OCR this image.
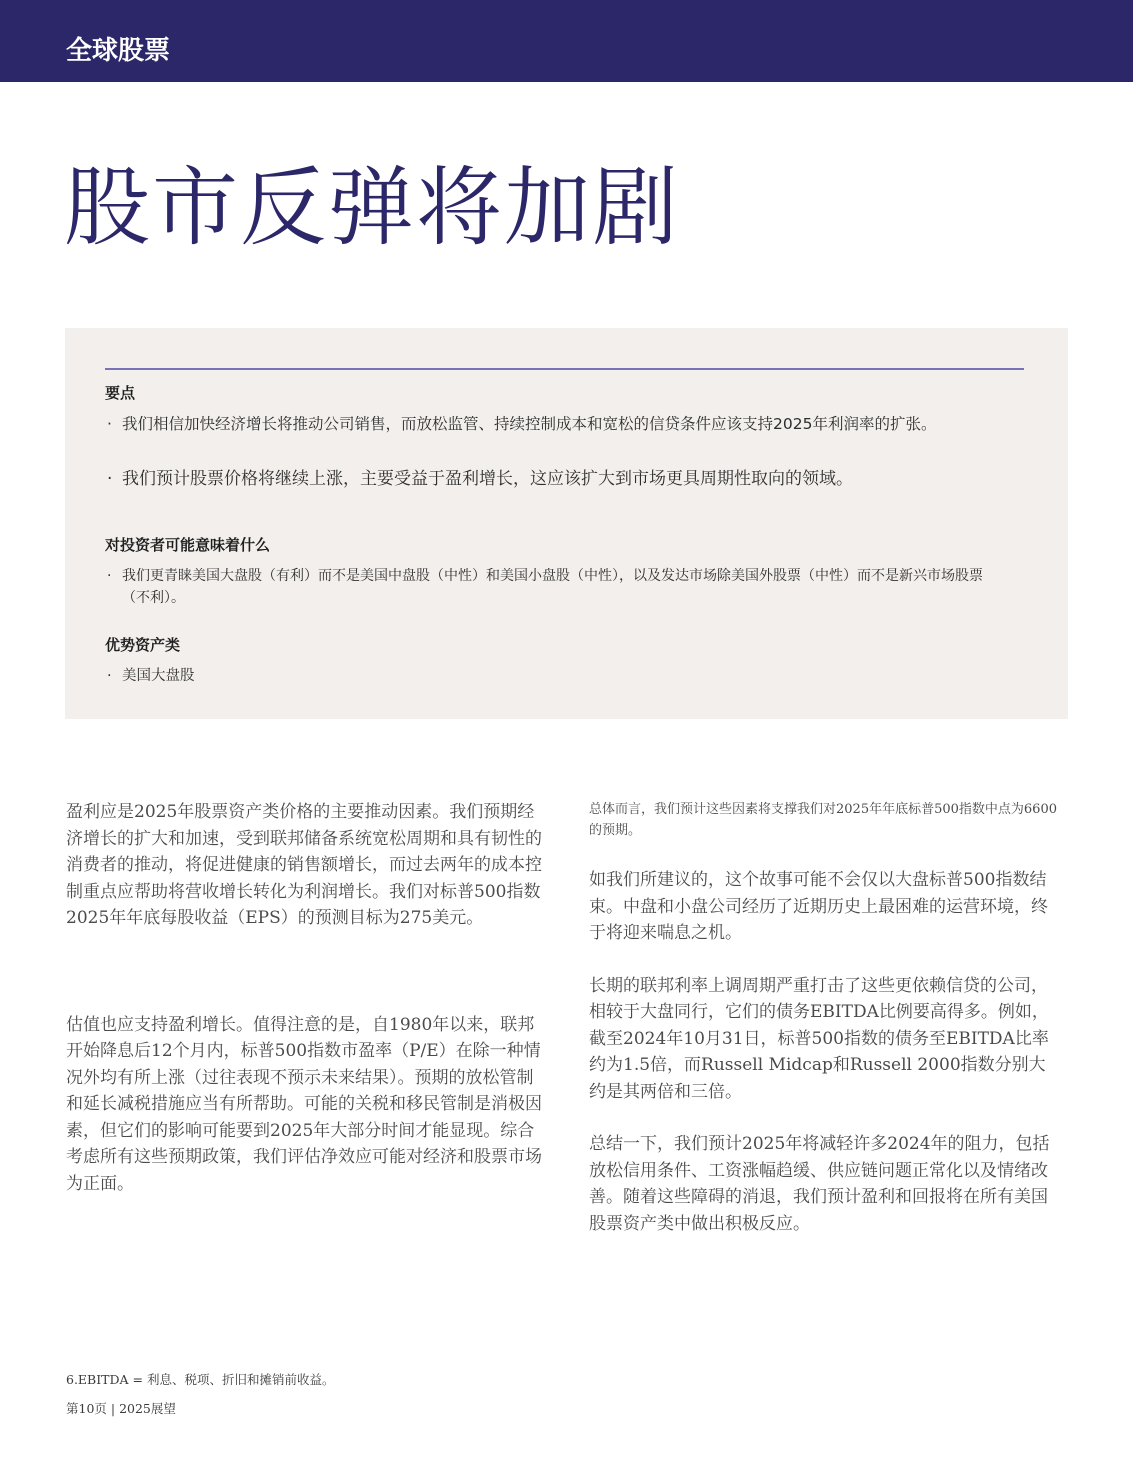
全球股票
股市反弹将加剧
要点
· 我们相信加快经济增长将推动公司销售，而放松监管、持续控制成本和宽松的信贷条件应该支持2025年利润率的扩张。
· 我们预计股票价格将继续上涨，主要受益于盈利增长，这应该扩大到市场更具周期性取向的领域。
对投资者可能意味着什么
· 我们更青睐美国大盘股（有利）而不是美国中盘股（中性）和美国小盘股（中性），以及发达市场除美国外股票（中性）而不是新兴市场股票（不利）。
优势资产类
· 美国大盘股

盈利应是2025年股票资产类价格的主要推动因素。我们预期经济增长的扩大和加速，受到联邦储备系统宽松周期和具有韧性的消费者的推动，将促进健康的销售额增长，而过去两年的成本控制重点应帮助将营收增长转化为利润增长。我们对标普500指数2025年年底每股收益（EPS）的预测目标为275美元。

估值也应支持盈利增长。值得注意的是，自1980年以来，联邦开始降息后12个月内，标普500指数市盈率（P/E）在除一种情况外均有所上涨（过往表现不预示未来结果）。预期的放松管制和延长减税措施应当有所帮助。可能的关税和移民管制是消极因素，但它们的影响可能要到2025年大部分时间才能显现。综合考虑所有这些预期政策，我们评估净效应可能对经济和股票市场为正面。

总体而言，我们预计这些因素将支撑我们对2025年年底标普500指数中点为6600的预期。

如我们所建议的，这个故事可能不会仅以大盘标普500指数结束。中盘和小盘公司经历了近期历史上最困难的运营环境，终于将迎来喘息之机。

长期的联邦利率上调周期严重打击了这些更依赖信贷的公司，相较于大盘同行，它们的债务EBITDA比例要高得多。例如，截至2024年10月31日，标普500指数的债务至EBITDA比率约为1.5倍，而Russell Midcap和Russell 2000指数分别大约是其两倍和三倍。

总结一下，我们预计2025年将减轻许多2024年的阻力，包括放松信用条件、工资涨幅趋缓、供应链问题正常化以及情绪改善。随着这些障碍的消退，我们预计盈利和回报将在所有美国股票资产类中做出积极反应。

6.EBITDA = 利息、税项、折旧和摊销前收益。
第10页 | 2025展望
